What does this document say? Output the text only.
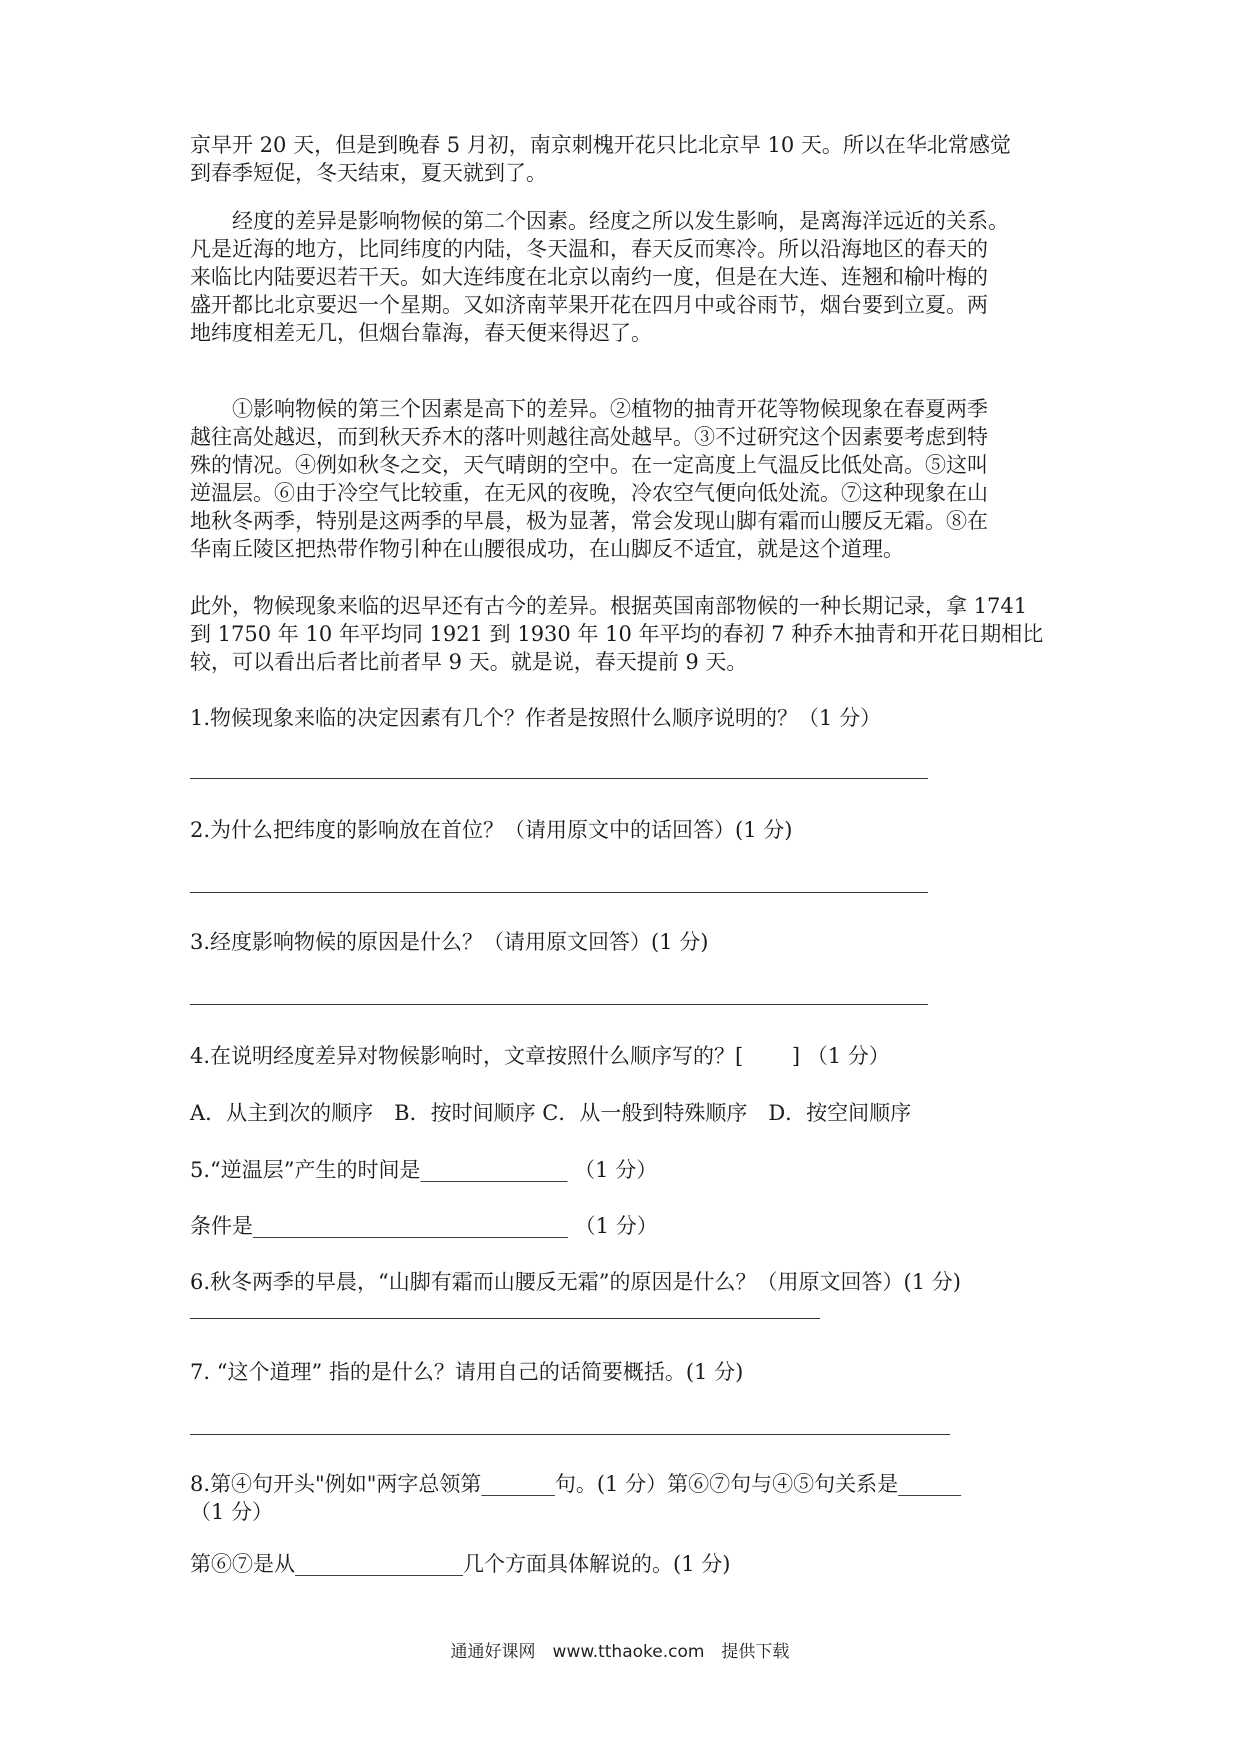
京早开 20 天，但是到晚春 5 月初，南京刺槐开花只比北京早 10 天。所以在华北常感觉
到春季短促，冬天结束，夏天就到了。
　　经度的差异是影响物候的第二个因素。经度之所以发生影响，是离海洋远近的关系。
凡是近海的地方，比同纬度的内陆，冬天温和，春天反而寒冷。所以沿海地区的春天的
来临比内陆要迟若干天。如大连纬度在北京以南约一度，但是在大连、连翘和榆叶梅的
盛开都比北京要迟一个星期。又如济南苹果开花在四月中或谷雨节，烟台要到立夏。两
地纬度相差无几，但烟台靠海，春天便来得迟了。
　　①影响物候的第三个因素是高下的差异。②植物的抽青开花等物候现象在春夏两季
越往高处越迟，而到秋天乔木的落叶则越往高处越早。③不过研究这个因素要考虑到特
殊的情况。④例如秋冬之交，天气晴朗的空中。在一定高度上气温反比低处高。⑤这叫
逆温层。⑥由于冷空气比较重，在无风的夜晚，冷农空气便向低处流。⑦这种现象在山
地秋冬两季，特别是这两季的早晨，极为显著，常会发现山脚有霜而山腰反无霜。⑧在
华南丘陵区把热带作物引种在山腰很成功，在山脚反不适宜，就是这个道理。
此外，物候现象来临的迟早还有古今的差异。根据英国南部物候的一种长期记录，拿 1741
到 1750 年 10 年平均同 1921 到 1930 年 10 年平均的春初 7 种乔木抽青和开花日期相比
较，可以看出后者比前者早 9 天。就是说，春天提前 9 天。
1.物候现象来临的决定因素有几个？作者是按照什么顺序说明的？（1 分）
2.为什么把纬度的影响放在首位？（请用原文中的话回答）(1 分)
3.经度影响物候的原因是什么？（请用原文回答）(1 分)
4.在说明经度差异对物候影响时，文章按照什么顺序写的？[　　 ] （1 分）
A．从主到次的顺序　B．按时间顺序 C．从一般到特殊顺序　D．按空间顺序
5.“逆温层”产生的时间是______________ （1 分）
条件是______________________________ （1 分）
6.秋冬两季的早晨，“山脚有霜而山腰反无霜”的原因是什么？（用原文回答）(1 分)
7. “这个道理” 指的是什么？请用自己的话简要概括。(1 分)
8.第④句开头"例如"两字总领第_______句。(1 分）第⑥⑦句与④⑤句关系是______
（1 分）
第⑥⑦是从________________几个方面具体解说的。(1 分)
通通好课网　www.tthaoke.com　提供下载
